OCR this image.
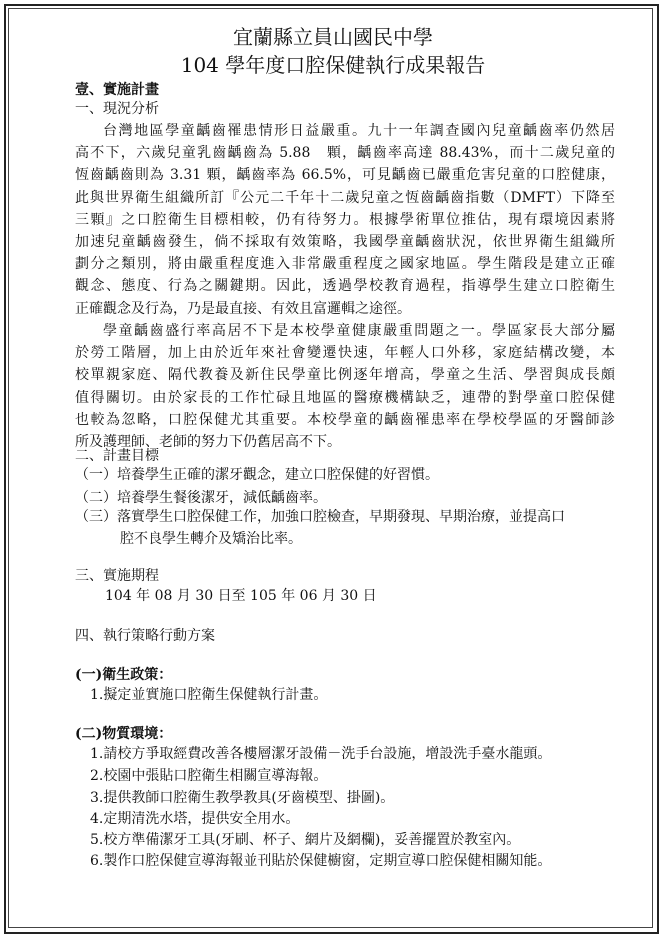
宜蘭縣立員山國民中學
104 學年度口腔保健執行成果報告
壹、實施計畫
一、現況分析
台灣地區學童齲齒罹患情形日益嚴重。九十一年調查國內兒童齲齒率仍然居
高不下，六歲兒童乳齒齲齒為 5.88　顆，齲齒率高達 88.43%，而十二歲兒童的
恆齒齲齒則為 3.31 顆，齲齒率為 66.5%，可見齲齒已嚴重危害兒童的口腔健康，
此與世界衛生組織所訂『公元二千年十二歲兒童之恆齒齲齒指數（DMFT）下降至
三顆』之口腔衛生目標相較，仍有待努力。根據學術單位推估，現有環境因素將
加速兒童齲齒發生，倘不採取有效策略，我國學童齲齒狀況，依世界衛生組織所
劃分之類別，將由嚴重程度進入非常嚴重程度之國家地區。學生階段是建立正確
觀念、態度、行為之關鍵期。因此，透過學校教育過程，指導學生建立口腔衛生
正確觀念及行為，乃是最直接、有效且富邏輯之途徑。
學童齲齒盛行率高居不下是本校學童健康嚴重問題之一。學區家長大部分屬
於勞工階層，加上由於近年來社會變遷快速，年輕人口外移，家庭結構改變，本
校單親家庭、隔代教養及新住民學童比例逐年增高，學童之生活、學習與成長頗
值得關切。由於家長的工作忙碌且地區的醫療機構缺乏，連帶的對學童口腔保健
也較為忽略，口腔保健尤其重要。本校學童的齲齒罹患率在學校學區的牙醫師診
所及護理師、老師的努力下仍舊居高不下。
二、計畫目標
（一）培養學生正確的潔牙觀念，建立口腔保健的好習慣。
（二）培養學生餐後潔牙，減低齲齒率。
（三）落實學生口腔保健工作，加強口腔檢查，早期發現、早期治療，並提高口
腔不良學生轉介及矯治比率。
三、實施期程
104 年 08 月 30 日至 105 年 06 月 30 日
四、執行策略行動方案
(一)衛生政策：
1.擬定並實施口腔衛生保健執行計畫。
(二)物質環境：
1.請校方爭取經費改善各樓層潔牙設備－洗手台設施，增設洗手臺水龍頭。
2.校園中張貼口腔衛生相關宣導海報。
3.提供教師口腔衛生教學教具(牙齒模型、掛圖)。
4.定期清洗水塔，提供安全用水。
5.校方準備潔牙工具(牙刷、杯子、網片及網欄)，妥善擺置於教室內。
6.製作口腔保健宣導海報並刊貼於保健櫥窗，定期宣導口腔保健相關知能。
